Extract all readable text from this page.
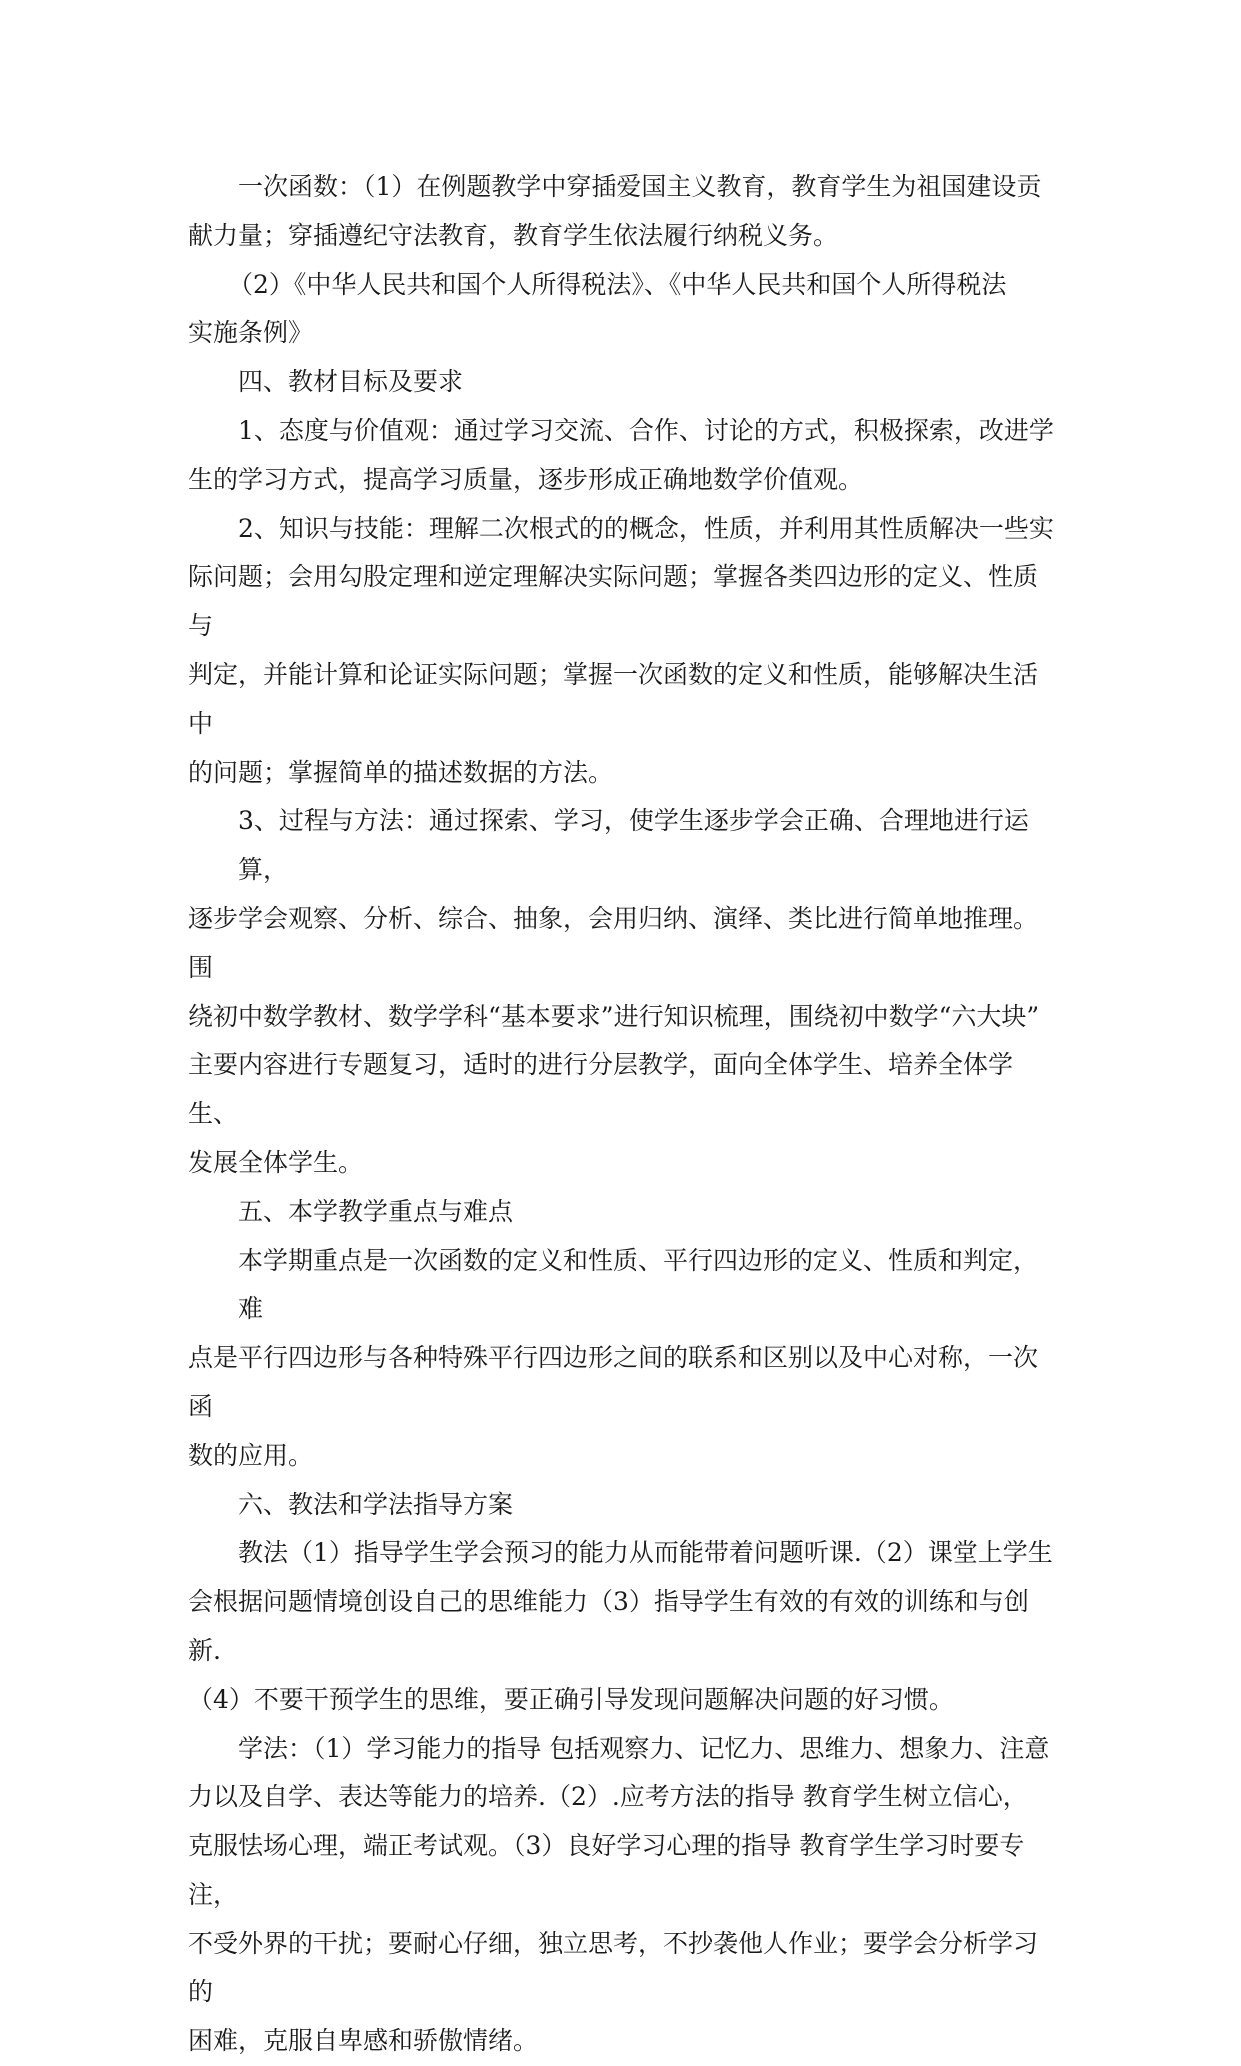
一次函数：（1）在例题教学中穿插爱国主义教育，教育学生为祖国建设贡
献力量；穿插遵纪守法教育，教育学生依法履行纳税义务。
（2）《中华人民共和国个人所得税法》、《中华人民共和国个人所得税法
实施条例》
四、教材目标及要求
1、态度与价值观：通过学习交流、合作、讨论的方式，积极探索，改进学
生的学习方式，提高学习质量，逐步形成正确地数学价值观。
2、知识与技能：理解二次根式的的概念，性质，并利用其性质解决一些实
际问题；会用勾股定理和逆定理解决实际问题；掌握各类四边形的定义、性质与
判定，并能计算和论证实际问题；掌握一次函数的定义和性质，能够解决生活中
的问题；掌握简单的描述数据的方法。
3、过程与方法：通过探索、学习，使学生逐步学会正确、合理地进行运算，
逐步学会观察、分析、综合、抽象，会用归纳、演绎、类比进行简单地推理。围
绕初中数学教材、数学学科“基本要求”进行知识梳理，围绕初中数学“六大块”
主要内容进行专题复习，适时的进行分层教学，面向全体学生、培养全体学生、
发展全体学生。
五、本学教学重点与难点
本学期重点是一次函数的定义和性质、平行四边形的定义、性质和判定，难
点是平行四边形与各种特殊平行四边形之间的联系和区别以及中心对称，一次函
数的应用。
六、教法和学法指导方案
教法（1）指导学生学会预习的能力从而能带着问题听课.（2）课堂上学生
会根据问题情境创设自己的思维能力（3）指导学生有效的有效的训练和与创新.
（4）不要干预学生的思维，要正确引导发现问题解决问题的好习惯。
学法：（1）学习能力的指导 包括观察力、记忆力、思维力、想象力、注意
力以及自学、表达等能力的培养.（2）.应考方法的指导 教育学生树立信心，
克服怯场心理，端正考试观。（3）良好学习心理的指导 教育学生学习时要专注，
不受外界的干扰；要耐心仔细，独立思考，不抄袭他人作业；要学会分析学习的
困难，克服自卑感和骄傲情绪。
